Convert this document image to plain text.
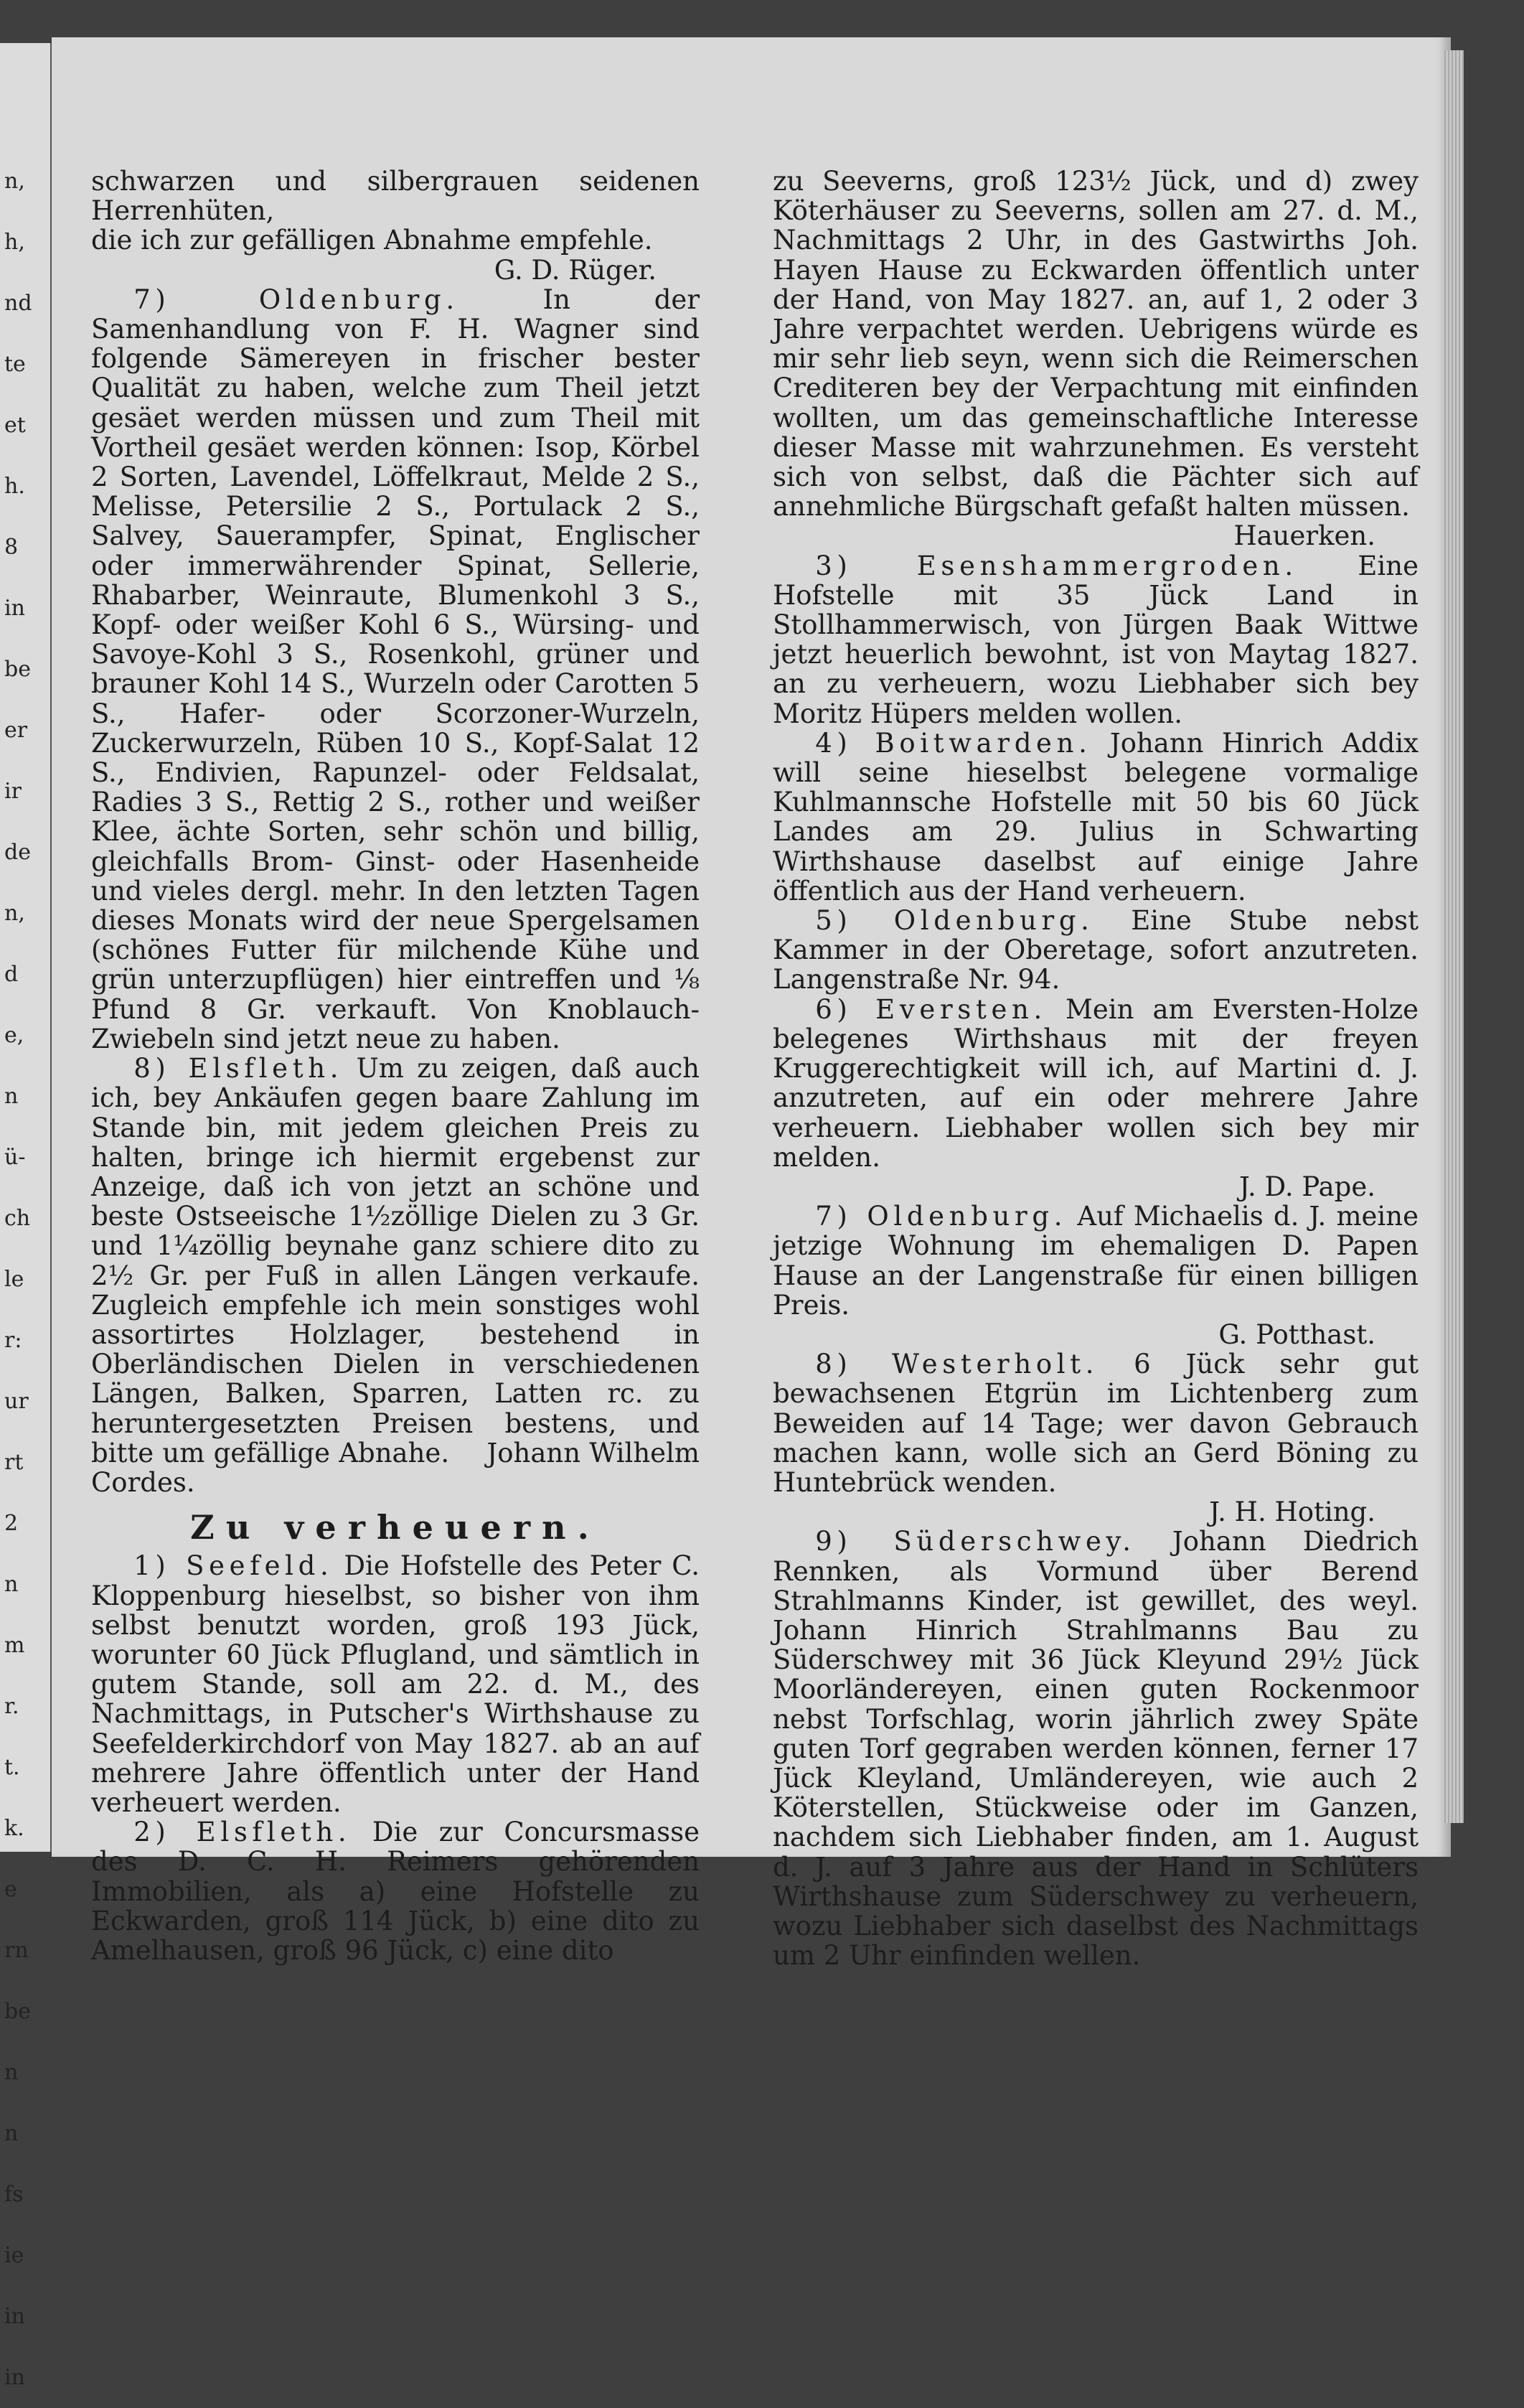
n,
h,
nd
te
et
h.
8
in
be
er
ir
de
n,
d
e,
n
ü-
ch
le
r:
ur
rt
2
n
m
r.
t.
k.
e
rn
be
n
n
fs
ie
in
in

schwarzen und silbergrauen seidenen Herrenhüten,

die ich zur gefälligen Abnahme empfehle.

G. D. Rüger.

7) Oldenburg.	In der Samenhandlung von F. H. Wagner sind folgende Sämereyen in frischer bester Qualität zu haben, welche zum Theil jetzt gesäet werden müssen und zum Theil mit Vortheil gesäet werden können: Isop, Körbel 2 Sorten, Lavendel, Löffelkraut, Melde 2 S., Melisse, Petersilie 2 S., Portulack 2 S., Salvey, Sauerampfer, Spinat, Englischer oder immerwährender Spinat, Sellerie, Rhabarber, Weinraute, Blumenkohl 3 S., Kopf- oder weißer Kohl 6 S., Würsing- und Savoye-Kohl 3 S., Rosenkohl, grüner und brauner Kohl 14 S., Wurzeln oder Carotten 5 S., Hafer- oder Scorzoner-Wurzeln, Zuckerwurzeln, Rüben 10 S., Kopf-Salat 12 S., Endivien, Rapunzel- oder Feldsalat, Radies 3 S., Rettig 2 S., rother und weißer Klee, ächte Sorten, sehr schön und billig, gleichfalls Brom- Ginst- oder Hasenheide und vieles dergl. mehr. In den letzten Tagen dieses Monats wird der neue Spergelsamen (schönes Futter für milchende Kühe und grün unterzupflügen) hier eintreffen und ⅛ Pfund 8 Gr. verkauft. Von Knoblauch-Zwiebeln sind jetzt neue zu haben.

8) Elsfleth. Um zu zeigen, daß auch ich, bey Ankäufen gegen baare Zahlung im Stande bin, mit jedem gleichen Preis zu halten, bringe ich hiermit ergebenst zur Anzeige, daß ich von jetzt an schöne und beste Ostseeische 1½zöllige Dielen zu 3 Gr. und 1¼zöllig beynahe ganz schiere dito zu 2½ Gr. per Fuß in allen Längen verkaufe. Zugleich empfehle ich mein sonstiges wohl assortirtes Holzlager, bestehend in Oberländischen Dielen in verschiedenen Längen, Balken, Sparren, Latten rc. zu heruntergesetzten Preisen bestens, und bitte um gefällige Abnahe. Johann Wilhelm Cordes.

Zu verheuern.

1) Seefeld. Die Hofstelle des Peter C. Kloppenburg hieselbst, so bisher von ihm selbst benutzt worden, groß 193 Jück, worunter 60 Jück Pflugland, und sämtlich in gutem Stande, soll am 22. d. M., des Nachmittags, in Putscher's Wirthshause zu Seefelderkirchdorf von May 1827. ab an auf mehrere Jahre öffentlich unter der Hand verheuert werden.

2) Elsfleth. Die zur Concursmasse des D. C. H. Reimers gehörenden Immobilien, als a) eine Hofstelle zu Eckwarden, groß 114 Jück, b) eine dito zu Amelhausen, groß 96 Jück, c) eine dito

zu Seeverns, groß 123½ Jück, und d) zwey Köterhäuser zu Seeverns, sollen am 27. d. M., Nachmittags 2 Uhr, in des Gastwirths Joh. Hayen Hause zu Eckwarden öffentlich unter der Hand, von May 1827. an, auf 1, 2 oder 3 Jahre verpachtet werden. Uebrigens würde es mir sehr lieb seyn, wenn sich die Reimerschen Crediteren bey der Verpachtung mit einfinden wollten, um das gemeinschaftliche Interesse dieser Masse mit wahrzunehmen. Es versteht sich von selbst, daß die Pächter sich auf annehmliche Bürgschaft gefaßt halten müssen.

Hauerken.

3) Esenshammergroden. Eine Hofstelle mit 35 Jück Land in Stollhammerwisch, von Jürgen Baak Wittwe jetzt heuerlich bewohnt, ist von Maytag 1827. an zu verheuern, wozu Liebhaber sich bey Moritz Hüpers melden wollen.

4) Boitwarden. Johann Hinrich Addix will seine hieselbst belegene vormalige Kuhlmannsche Hofstelle mit 50 bis 60 Jück Landes am 29. Julius in Schwarting Wirthshause daselbst auf einige Jahre öffentlich aus der Hand verheuern.

5) Oldenburg. Eine Stube nebst Kammer in der Oberetage, sofort anzutreten. Langenstraße Nr. 94.

6) Eversten. Mein am Eversten-Holze belegenes Wirthshaus mit der freyen Kruggerechtigkeit will ich, auf Martini d. J. anzutreten, auf ein oder mehrere Jahre verheuern. Liebhaber wollen sich bey mir melden.

J. D. Pape.

7) Oldenburg. Auf Michaelis d. J. meine jetzige Wohnung im ehemaligen D. Papen Hause an der Langenstraße für einen billigen Preis.

G. Potthast.

8) Westerholt. 6 Jück sehr gut bewachsenen Etgrün im Lichtenberg zum Beweiden auf 14 Tage; wer davon Gebrauch machen kann, wolle sich an Gerd Böning zu Huntebrück wenden.

J. H. Hoting.

9) Süderschwey. Johann Diedrich Rennken, als Vormund über Berend Strahlmanns Kinder, ist gewillet, des weyl. Johann Hinrich Strahlmanns Bau zu Süderschwey mit 36 Jück Kleyund 29½ Jück Moorländereyen, einen guten Rockenmoor nebst Torfschlag, worin jährlich zwey Späte guten Torf gegraben werden können, ferner 17 Jück Kleyland, Umländereyen, wie auch 2 Köterstellen, Stückweise oder im Ganzen, nachdem sich Liebhaber finden, am 1. August d. J. auf 3 Jahre aus der Hand in Schlüters Wirthshause zum Süderschwey zu verheuern, wozu Liebhaber sich daselbst des Nachmittags um 2 Uhr einfinden wellen.
